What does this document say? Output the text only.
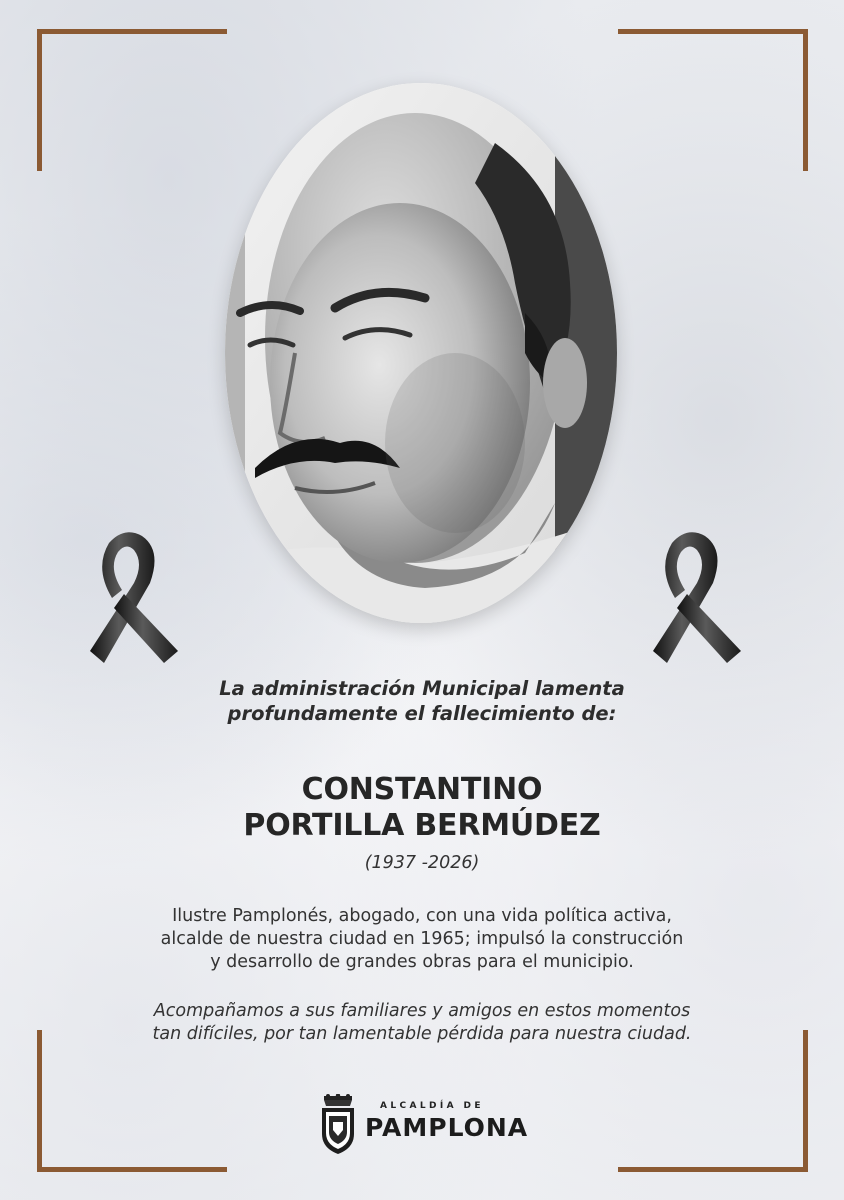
La administración Municipal lamenta
profundamente el fallecimiento de:
CONSTANTINO
PORTILLA BERMÚDEZ
(1937 -2026)
Ilustre Pamplonés, abogado, con una vida política activa,
alcalde de nuestra ciudad en 1965; impulsó la construcción
y desarrollo de grandes obras para el municipio.
Acompañamos a sus familiares y amigos en estos momentos
tan difíciles, por tan lamentable pérdida para nuestra ciudad.
ALCALDÍA DE
PAMPLONA
